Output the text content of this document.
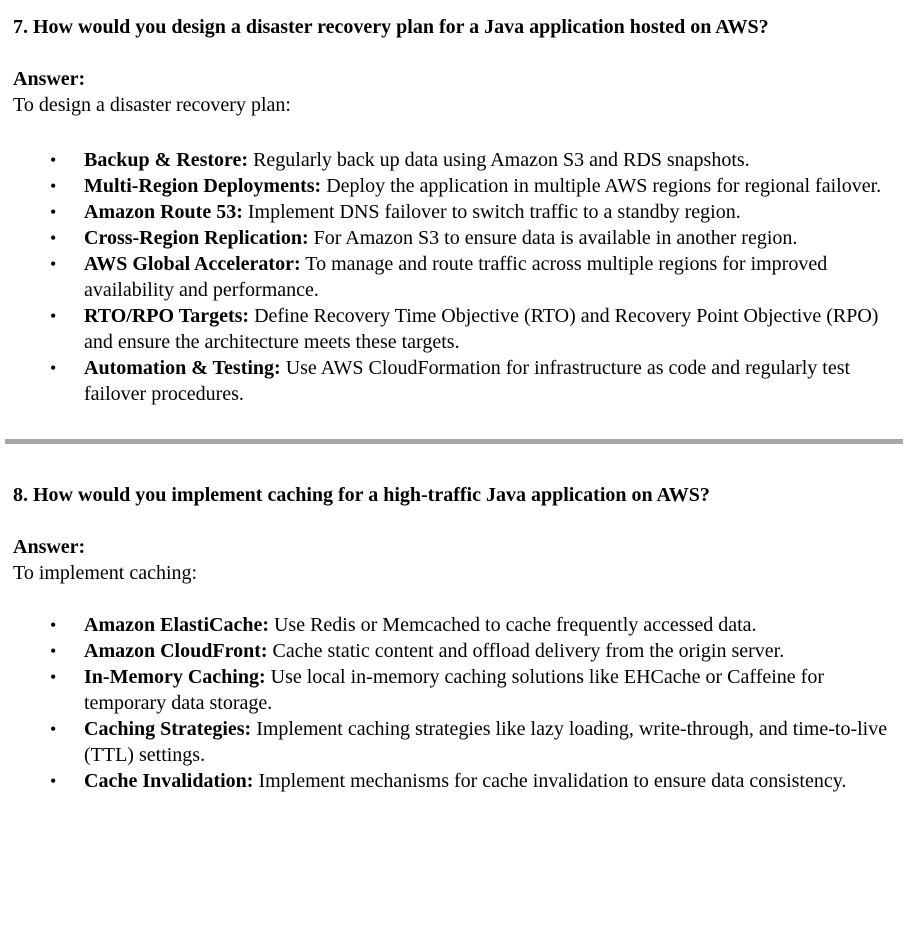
7. How would you design a disaster recovery plan for a Java application hosted on AWS?

Answer:

To design a disaster recovery plan:

•	Backup & Restore: Regularly back up data using Amazon S3 and RDS snapshots.
•	Multi-Region Deployments: Deploy the application in multiple AWS regions for regional failover.
•	Amazon Route 53: Implement DNS failover to switch traffic to a standby region.
•	Cross-Region Replication: For Amazon S3 to ensure data is available in another region.
•	AWS Global Accelerator: To manage and route traffic across multiple regions for improved availability and performance.
•	RTO/RPO Targets: Define Recovery Time Objective (RTO) and Recovery Point Objective (RPO) and ensure the architecture meets these targets.
•	Automation & Testing: Use AWS CloudFormation for infrastructure as code and regularly test failover procedures.
8. How would you implement caching for a high-traffic Java application on AWS?

Answer:

To implement caching:

•	Amazon ElastiCache: Use Redis or Memcached to cache frequently accessed data.
•	Amazon CloudFront: Cache static content and offload delivery from the origin server.
•	In-Memory Caching: Use local in-memory caching solutions like EHCache or Caffeine for temporary data storage.
•	Caching Strategies: Implement caching strategies like lazy loading, write-through, and time-to-live (TTL) settings.
•	Cache Invalidation: Implement mechanisms for cache invalidation to ensure data consistency.
